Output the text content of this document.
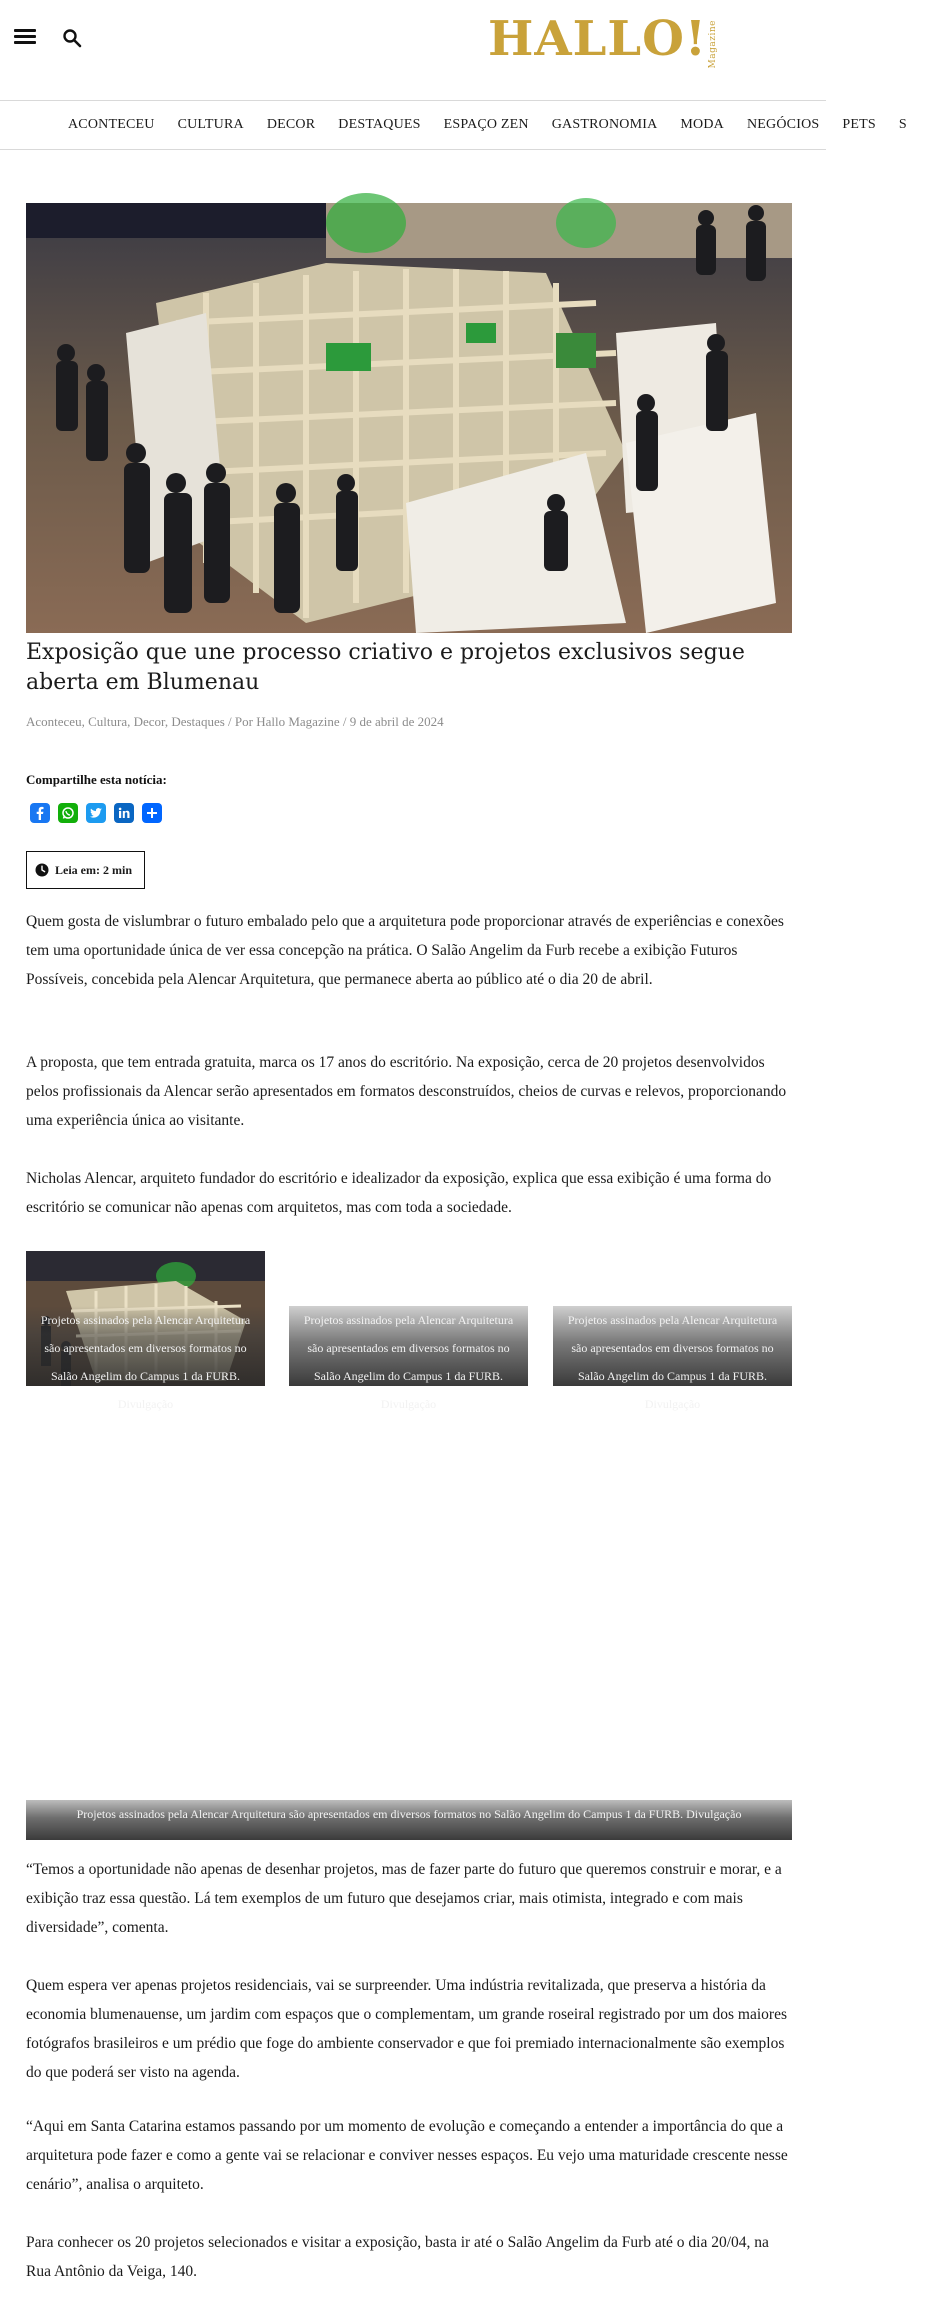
HALLO! Magazine
ACONTECEU CULTURA DECOR DESTAQUES ESPAÇO ZEN GASTRONOMIA MODA NEGÓCIOS PETS S
Exposição que une processo criativo e projetos exclusivos segue aberta em Blumenau
Aconteceu, Cultura, Decor, Destaques / Por Hallo Magazine / 9 de abril de 2024
Compartilhe esta notícia:
Leia em: 2 min

Quem gosta de vislumbrar o futuro embalado pelo que a arquitetura pode proporcionar através de experiências e conexões tem uma oportunidade única de ver essa concepção na prática. O Salão Angelim da Furb recebe a exibição Futuros Possíveis, concebida pela Alencar Arquitetura, que permanece aberta ao público até o dia 20 de abril.

A proposta, que tem entrada gratuita, marca os 17 anos do escritório. Na exposição, cerca de 20 projetos desenvolvidos pelos profissionais da Alencar serão apresentados em formatos desconstruídos, cheios de curvas e relevos, proporcionando uma experiência única ao visitante.

Nicholas Alencar, arquiteto fundador do escritório e idealizador da exposição, explica que essa exibição é uma forma do escritório se comunicar não apenas com arquitetos, mas com toda a sociedade.

Projetos assinados pela Alencar Arquitetura são apresentados em diversos formatos no Salão Angelim do Campus 1 da FURB. Divulgação
Projetos assinados pela Alencar Arquitetura são apresentados em diversos formatos no Salão Angelim do Campus 1 da FURB. Divulgação
Projetos assinados pela Alencar Arquitetura são apresentados em diversos formatos no Salão Angelim do Campus 1 da FURB. Divulgação
Projetos assinados pela Alencar Arquitetura são apresentados em diversos formatos no Salão Angelim do Campus 1 da FURB. Divulgação

“Temos a oportunidade não apenas de desenhar projetos, mas de fazer parte do futuro que queremos construir e morar, e a exibição traz essa questão. Lá tem exemplos de um futuro que desejamos criar, mais otimista, integrado e com mais diversidade”, comenta.

Quem espera ver apenas projetos residenciais, vai se surpreender. Uma indústria revitalizada, que preserva a história da economia blumenauense, um jardim com espaços que o complementam, um grande roseiral registrado por um dos maiores fotógrafos brasileiros e um prédio que foge do ambiente conservador e que foi premiado internacionalmente são exemplos do que poderá ser visto na agenda.

“Aqui em Santa Catarina estamos passando por um momento de evolução e começando a entender a importância do que a arquitetura pode fazer e como a gente vai se relacionar e conviver nesses espaços. Eu vejo uma maturidade crescente nesse cenário”, analisa o arquiteto.

Para conhecer os 20 projetos selecionados e visitar a exposição, basta ir até o Salão Angelim da Furb até o dia 20/04, na Rua Antônio da Veiga, 140.
